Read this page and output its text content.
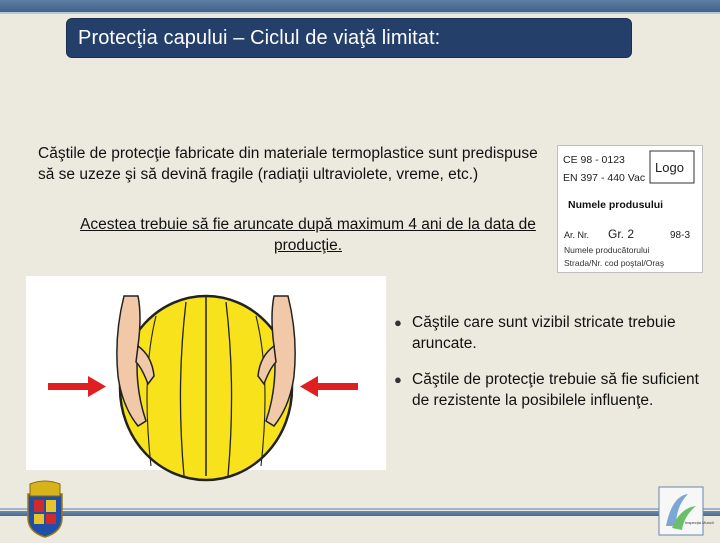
Protecţia capului – Ciclul de viaţă limitat:
Căştile de protecţie fabricate din materiale termoplastice sunt predispuse să se uzeze şi să devină fragile (radiaţii ultraviolete, vreme, etc.)
Acestea trebuie să fie aruncate după maximum 4 ani de la data de producţie.
CE 98 - 0123
EN 397 - 440 Vac
Logo
Numele produsului
Ar. Nr. Gr. 2	98-3
Numele producătorului
Strada/Nr. cod poştal/Oraş
● Căştile care sunt vizibil stricate trebuie aruncate.
● Căştile de protecţie trebuie să fie suficient de rezistente la posibilele influenţe.
Inspecţia Muncii
